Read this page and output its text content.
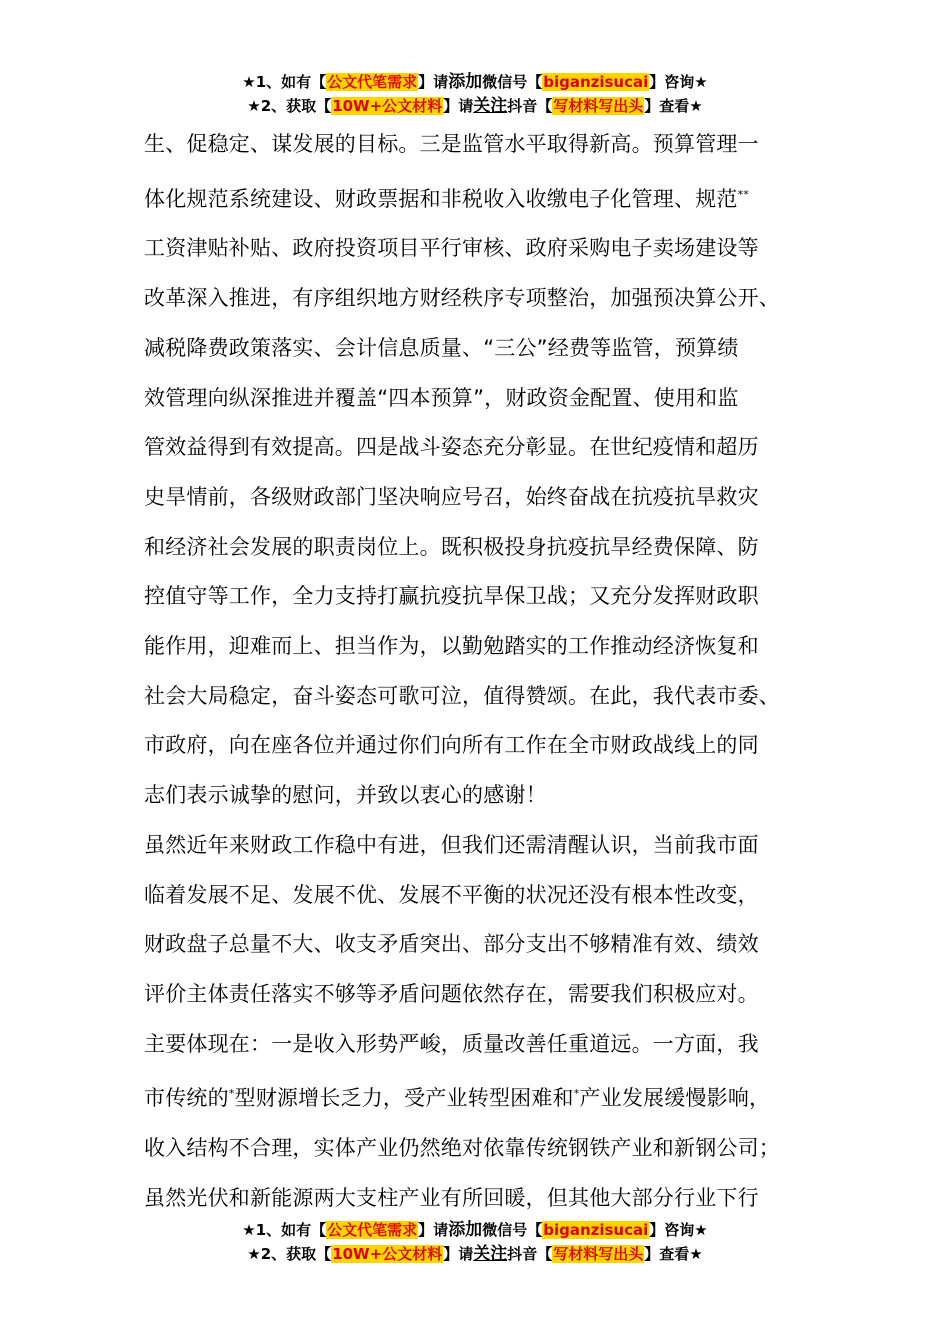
★1、如有【公文代笔需求】请添加微信号【biganzisucai】咨询★
★2、获取【10W+公文材料】请关注抖音【写材料写出头】查看★
生、促稳定、谋发展的目标。三是监管水平取得新高。预算管理一
体化规范系统建设、财政票据和非税收入收缴电子化管理、规范**
工资津贴补贴、政府投资项目平行审核、政府采购电子卖场建设等
改革深入推进，有序组织地方财经秩序专项整治，加强预决算公开、
减税降费政策落实、会计信息质量、“三公”经费等监管，预算绩
效管理向纵深推进并覆盖“四本预算”，财政资金配置、使用和监
管效益得到有效提高。四是战斗姿态充分彰显。在世纪疫情和超历
史旱情前，各级财政部门坚决响应号召，始终奋战在抗疫抗旱救灾
和经济社会发展的职责岗位上。既积极投身抗疫抗旱经费保障、防
控值守等工作，全力支持打赢抗疫抗旱保卫战；又充分发挥财政职
能作用，迎难而上、担当作为，以勤勉踏实的工作推动经济恢复和
社会大局稳定，奋斗姿态可歌可泣，值得赞颂。在此，我代表市委、
市政府，向在座各位并通过你们向所有工作在全市财政战线上的同
志们表示诚挚的慰问，并致以衷心的感谢！
虽然近年来财政工作稳中有进，但我们还需清醒认识，当前我市面
临着发展不足、发展不优、发展不平衡的状况还没有根本性改变，
财政盘子总量不大、收支矛盾突出、部分支出不够精准有效、绩效
评价主体责任落实不够等矛盾问题依然存在，需要我们积极应对。
主要体现在：一是收入形势严峻，质量改善任重道远。一方面，我
市传统的*型财源增长乏力，受产业转型困难和*产业发展缓慢影响，
收入结构不合理，实体产业仍然绝对依靠传统钢铁产业和新钢公司；
虽然光伏和新能源两大支柱产业有所回暖，但其他大部分行业下行
★1、如有【公文代笔需求】请添加微信号【biganzisucai】咨询★
★2、获取【10W+公文材料】请关注抖音【写材料写出头】查看★
